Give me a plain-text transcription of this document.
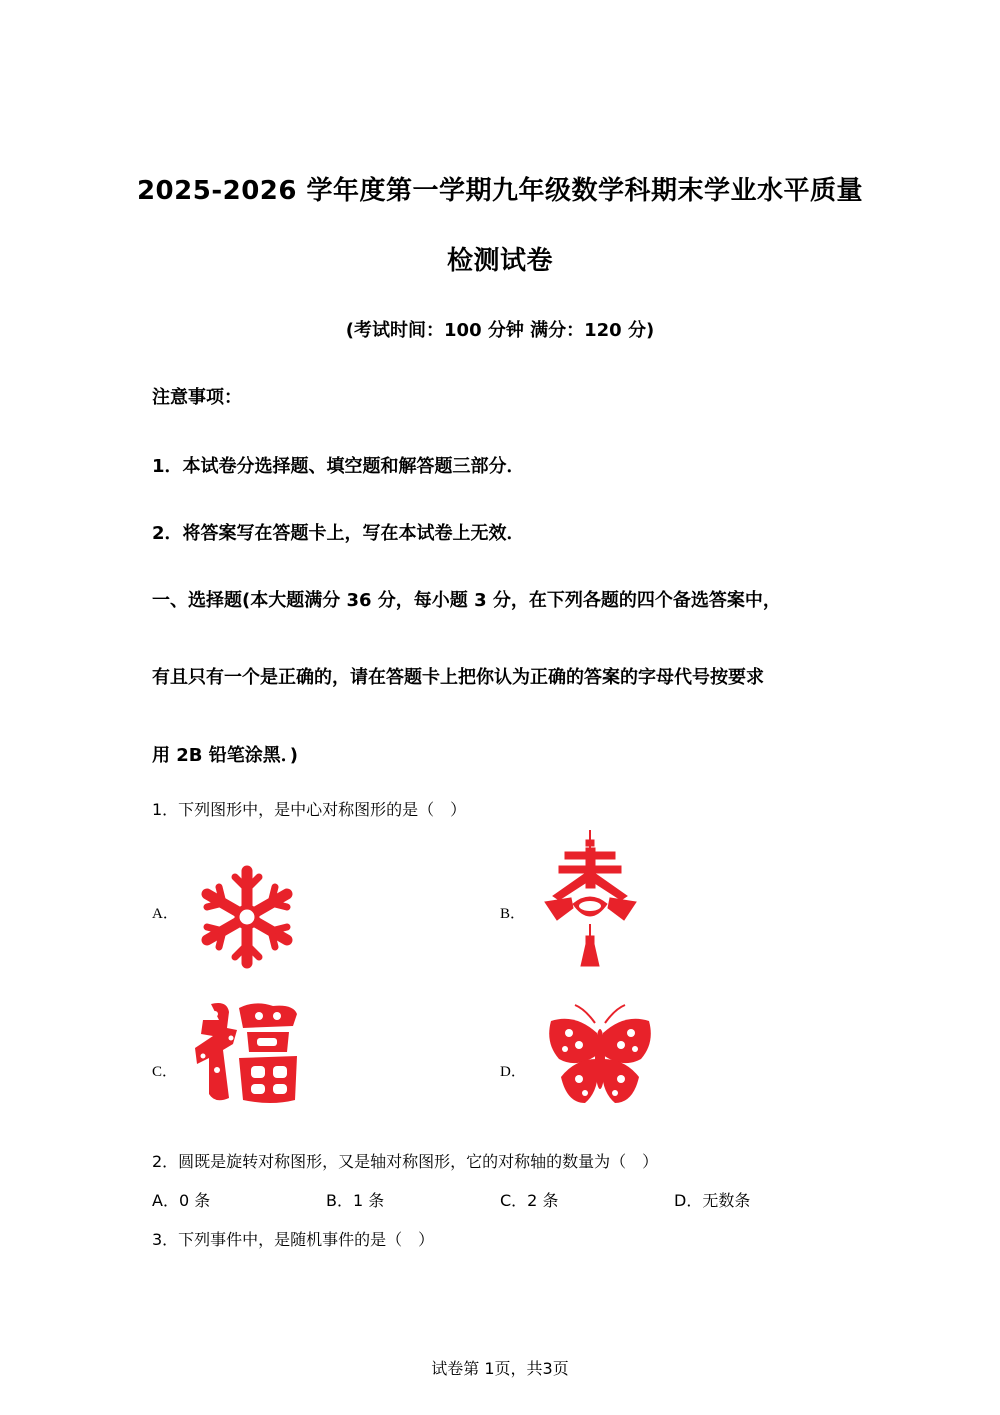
2025-2026 学年度第一学期九年级数学科期末学业水平质量
检测试卷
(考试时间：100 分钟 满分：120 分)
注意事项：
1．本试卷分选择题、填空题和解答题三部分．
2．将答案写在答题卡上，写在本试卷上无效．
一、选择题(本大题满分 36 分，每小题 3 分，在下列各题的四个备选答案中，
有且只有一个是正确的，请在答题卡上把你认为正确的答案的字母代号按要求
用 2B 铅笔涂黑．)
1．下列图形中，是中心对称图形的是（　）
A．	B．
C．	D．
2．圆既是旋转对称图形，又是轴对称图形，它的对称轴的数量为（　）
A．0 条	B．1 条	C．2 条	D．无数条
3．下列事件中，是随机事件的是（　）
试卷第 1页，共3页
